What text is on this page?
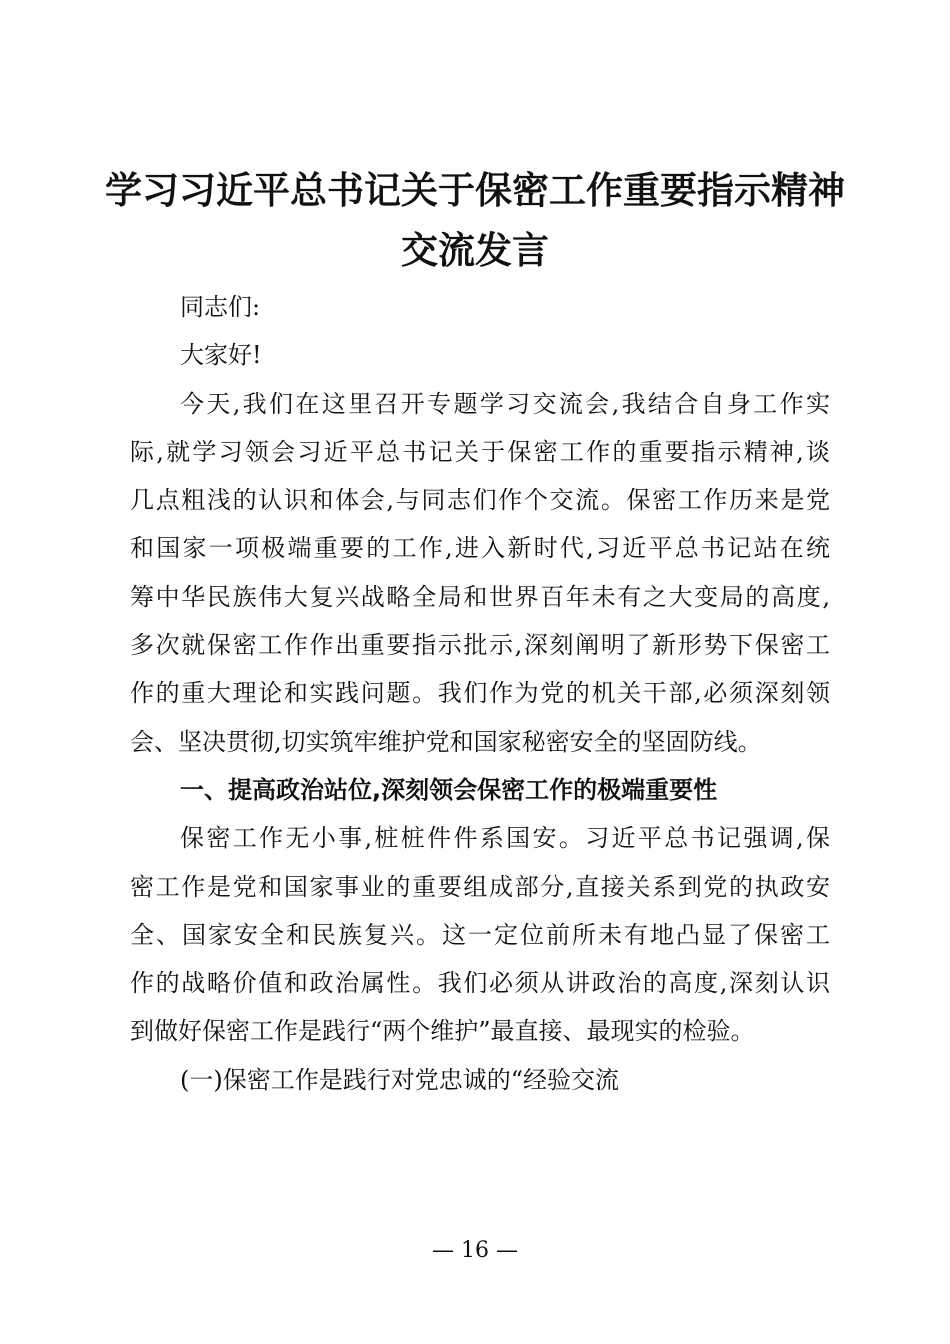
学习习近平总书记关于保密工作重要指示精神
交流发言
同志们:
大家好!
今天,我们在这里召开专题学习交流会,我结合自身工作实
际,就学习领会习近平总书记关于保密工作的重要指示精神,谈
几点粗浅的认识和体会,与同志们作个交流。保密工作历来是党
和国家一项极端重要的工作,进入新时代,习近平总书记站在统
筹中华民族伟大复兴战略全局和世界百年未有之大变局的高度,
多次就保密工作作出重要指示批示,深刻阐明了新形势下保密工
作的重大理论和实践问题。我们作为党的机关干部,必须深刻领
会、坚决贯彻,切实筑牢维护党和国家秘密安全的坚固防线。
一、提高政治站位,深刻领会保密工作的极端重要性
保密工作无小事,桩桩件件系国安。习近平总书记强调,保
密工作是党和国家事业的重要组成部分,直接关系到党的执政安
全、国家安全和民族复兴。这一定位前所未有地凸显了保密工
作的战略价值和政治属性。我们必须从讲政治的高度,深刻认识
到做好保密工作是践行“两个维护”最直接、最现实的检验。
(一)保密工作是践行对党忠诚的“经验交流
— 16 —
